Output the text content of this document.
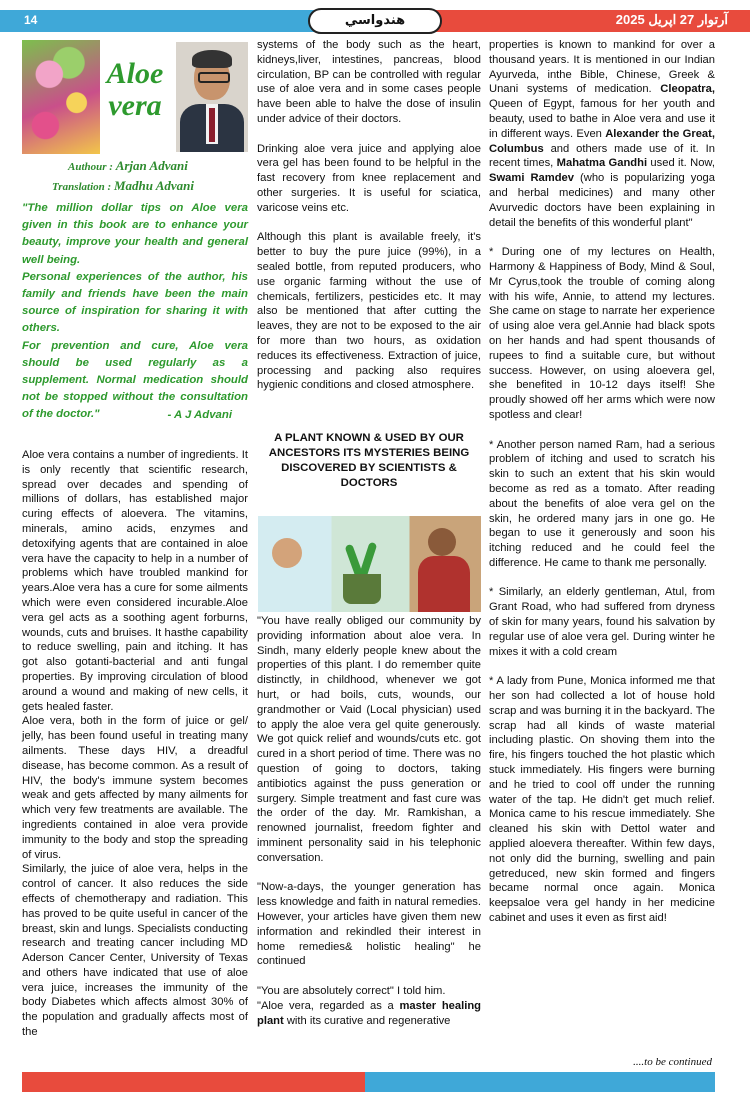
14	هندواسي	آرتوار 27 اپريل 2025
Aloe vera
Authour : Arjan Advani
Translation : Madhu Advani

"The million dollar tips on Aloe vera given in this book are to enhance your beauty, improve your health and general well being.

Personal experiences of the author, his family and friends have been the main source of inspiration for sharing it with others.

For prevention and cure, Aloe vera should be used regularly as a supplement. Normal medication should not be stopped without the consultation of the doctor."	- A J Advani

Aloe vera contains a number of ingredients. It is only recently that scientific research, spread over decades and spending of millions of dollars, has established major curing effects of aloevera. The vitamins, minerals, amino acids, enzymes and detoxifying agents that are contained in aloe vera have the capacity to help in a number of problems which have troubled mankind for years.Aloe vera has a cure for some ailments which were even considered incurable.Aloe vera gel acts as a soothing agent forburns, wounds, cuts and bruises. It hasthe capability to reduce swelling, pain and itching. It has got also gotanti-bacterial and anti fungal properties. By improving circulation of blood around a wound and making of new cells, it gets healed faster.

Aloe vera, both in the form of juice or gel/ jelly, has been found useful in treating many ailments. These days HIV, a dreadful disease, has become common. As a result of HIV, the body's immune system becomes weak and gets affected by many ailments for which very few treatments are available. The ingredients contained in aloe vera provide immunity to the body and stop the spreading of virus.

Similarly, the juice of aloe vera, helps in the control of cancer. It also reduces the side effects of chemotherapy and radiation. This has proved to be quite useful in cancer of the breast, skin and lungs. Specialists conducting research and treating cancer including MD Aderson Cancer Center, University of Texas and others have indicated that use of aloe vera juice, increases the immunity of the body Diabetes which affects almost 30% of the population and gradually affects most of the

systems of the body such as the heart, kidneys,liver, intestines, pancreas, blood circulation, BP can be controlled with regular use of aloe vera and in some cases people have been able to halve the dose of insulin under advice of their doctors.

Drinking aloe vera juice and applying aloe vera gel has been found to be helpful in the fast recovery from knee replacement and other surgeries. It is useful for sciatica, varicose veins etc.

Although this plant is available freely, it's better to buy the pure juice (99%), in a sealed bottle, from reputed producers, who use organic farming without the use of chemicals, fertilizers, pesticides etc. It may also be mentioned that after cutting the leaves, they are not to be exposed to the air for more than two hours, as oxidation reduces its effectiveness. Extraction of juice, processing and packing also requires hygienic conditions and closed atmosphere.

A PLANT KNOWN & USED BY OUR ANCESTORS ITS MYSTERIES BEING DISCOVERED BY SCIENTISTS & DOCTORS

"You have really obliged our community by providing information about aloe vera. In Sindh, many elderly people knew about the properties of this plant. I do remember quite distinctly, in childhood, whenever we got hurt, or had boils, cuts, wounds, our grandmother or Vaid (Local physician) used to apply the aloe vera gel quite generously. We got quick relief and wounds/cuts etc. got cured in a short period of time. There was no question of going to doctors, taking antibiotics against the puss generation or surgery. Simple treatment and fast cure was the order of the day. Mr. Ramkishan, a renowned journalist, freedom fighter and imminent personality said in his telephonic conversation.

"Now-a-days, the younger generation has less knowledge and faith in natural remedies. However, your articles have given them new information and rekindled their interest in home remedies& holistic healing" he continued

"You are absolutely correct" I told him.

"Aloe vera, regarded as a master healing plant with its curative and regenerative

properties is known to mankind for over a thousand years. It is mentioned in our Indian Ayurveda, inthe Bible, Chinese, Greek & Unani systems of medication. Cleopatra, Queen of Egypt, famous for her youth and beauty, used to bathe in Aloe vera and use it in different ways. Even Alexander the Great, Columbus and others made use of it. In recent times, Mahatma Gandhi used it. Now, Swami Ramdev (who is popularizing yoga and herbal medicines) and many other Avurvedic doctors have been explaining in detail the benefits of this wonderful plant"

* During one of my lectures on Health, Harmony & Happiness of Body, Mind & Soul, Mr Cyrus,took the trouble of coming along with his wife, Annie, to attend my lectures. She came on stage to narrate her experience of using aloe vera gel.Annie had black spots on her hands and had spent thousands of rupees to find a suitable cure, but without success. However, on using aloevera gel, she benefited in 10-12 days itself! She proudly showed off her arms which were now spotless and clear!

* Another person named Ram, had a serious problem of itching and used to scratch his skin to such an extent that his skin would become as red as a tomato. After reading about the benefits of aloe vera gel on the skin, he ordered many jars in one go. He began to use it generously and soon his itching reduced and he could feel the difference. He came to thank me personally.

* Similarly, an elderly gentleman, Atul, from Grant Road, who had suffered from dryness of skin for many years, found his salvation by regular use of aloe vera gel. During winter he mixes it with a cold cream

* A lady from Pune, Monica informed me that her son had collected a lot of house hold scrap and was burning it in the backyard. The scrap had all kinds of waste material including plastic. On shoving them into the fire, his fingers touched the hot plastic which stuck immediately. His fingers were burning and he tried to cool off under the running water of the tap. He didn't get much relief. Monica came to his rescue immediately. She cleaned his skin with Dettol water and applied aloevera thereafter. Within few days, not only did the burning, swelling and pain getreduced, new skin formed and fingers became normal once again. Monica keepsaloe vera gel handy in her medicine cabinet and uses it even as first aid!

....to be continued
